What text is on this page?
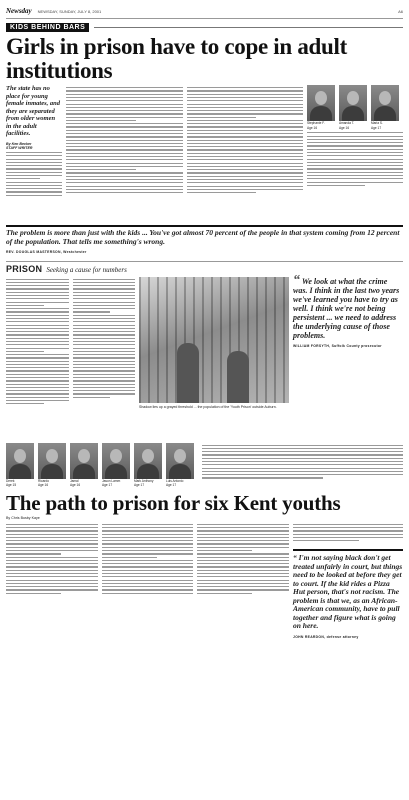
Newsday NEWSDAY, SUNDAY, JULY 8, 2001	A6
KIDS BEHIND BARS
Girls in prison have to cope in adult institutions
The state has no place for young female inmates, and they are separated from older women in the adult facilities.
By Ken Becker
STAFF WRITER
Stephanie F.
Age 16
Amanda T.
Age 16
Maria S.
Age 17
The problem is more than just with the kids ... You've got almost 70 percent of the people in that system coming from 12 percent of the population. That tells me something's wrong.
REV. DOUGLAS MASTERSON, Westchester
PRISON Seeking a cause for numbers
Shadow lies up a grayed threshold ... the population of the 'Youth Prison' outside Auburn.
“ We look at what the crime was. I think in the last two years we've learned you have to try as well. I think we're not being persistent ... we need to address the underlying cause of those problems.
WILLIAM FORSYTH, Suffolk County prosecutor
Derek
Age 15
Ricardo
Age 16
Jamal
Age 16
Jason Lamm
Age 17
Mark Anthony
Age 17
Luis Antonio
Age 17
The path to prison for six Kent youths
By Chris Busby Kaye
“ I'm not saying black don't get treated unfairly in court, but things need to be looked at before they get to court. If the kid rides a Pizza Hut person, that's not racism. The problem is that we, as an African-American community, have to pull together and figure what is going on here.
JOHN REARDON, defense attorney
